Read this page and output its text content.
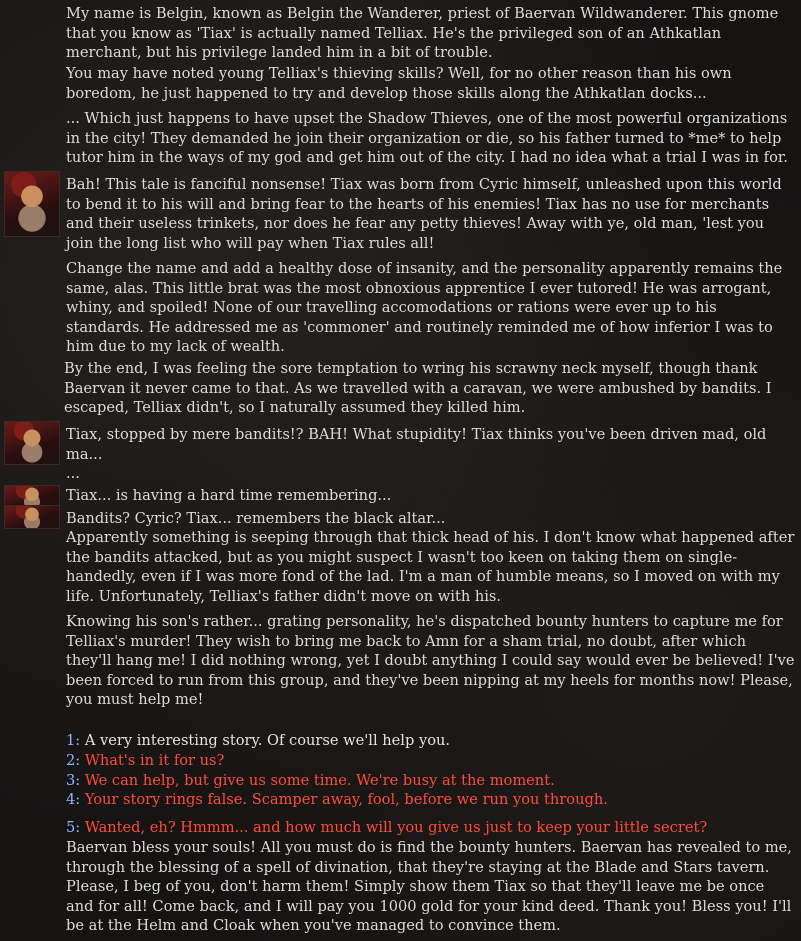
My name is Belgin, known as Belgin the Wanderer, priest of Baervan Wildwanderer. This gnome that you know as 'Tiax' is actually named Telliax. He's the privileged son of an Athkatlan merchant, but his privilege landed him in a bit of trouble.
You may have noted young Telliax's thieving skills? Well, for no other reason than his own boredom, he just happened to try and develop those skills along the Athkatlan docks...
... Which just happens to have upset the Shadow Thieves, one of the most powerful organizations in the city! They demanded he join their organization or die, so his father turned to *me* to help tutor him in the ways of my god and get him out of the city. I had no idea what a trial I was in for.
Bah! This tale is fanciful nonsense! Tiax was born from Cyric himself, unleashed upon this world to bend it to his will and bring fear to the hearts of his enemies! Tiax has no use for merchants and their useless trinkets, nor does he fear any petty thieves! Away with ye, old man, 'lest you join the long list who will pay when Tiax rules all!
Change the name and add a healthy dose of insanity, and the personality apparently remains the same, alas. This little brat was the most obnoxious apprentice I ever tutored! He was arrogant, whiny, and spoiled! None of our travelling accomodations or rations were ever up to his standards. He addressed me as 'commoner' and routinely reminded me of how inferior I was to him due to my lack of wealth.
By the end, I was feeling the sore temptation to wring his scrawny neck myself, though thank Baervan it never came to that. As we travelled with a caravan, we were ambushed by bandits. I escaped, Telliax didn't, so I naturally assumed they killed him.
Tiax, stopped by mere bandits!? BAH! What stupidity! Tiax thinks you've been driven mad, old ma...
...
Tiax... is having a hard time remembering...
Bandits? Cyric? Tiax... remembers the black altar...
Apparently something is seeping through that thick head of his. I don't know what happened after the bandits attacked, but as you might suspect I wasn't too keen on taking them on single-handedly, even if I was more fond of the lad. I'm a man of humble means, so I moved on with my life. Unfortunately, Telliax's father didn't move on with his.
Knowing his son's rather... grating personality, he's dispatched bounty hunters to capture me for Telliax's murder! They wish to bring me back to Amn for a sham trial, no doubt, after which they'll hang me! I did nothing wrong, yet I doubt anything I could say would ever be believed! I've been forced to run from this group, and they've been nipping at my heels for months now! Please, you must help me!
1: A very interesting story. Of course we'll help you.
2: What's in it for us?
3: We can help, but give us some time. We're busy at the moment.
4: Your story rings false. Scamper away, fool, before we run you through.
5: Wanted, eh? Hmmm... and how much will you give us just to keep your little secret?
Baervan bless your souls! All you must do is find the bounty hunters. Baervan has revealed to me, through the blessing of a spell of divination, that they're staying at the Blade and Stars tavern. Please, I beg of you, don't harm them! Simply show them Tiax so that they'll leave me be once and for all! Come back, and I will pay you 1000 gold for your kind deed. Thank you! Bless you! I'll be at the Helm and Cloak when you've managed to convince them.
